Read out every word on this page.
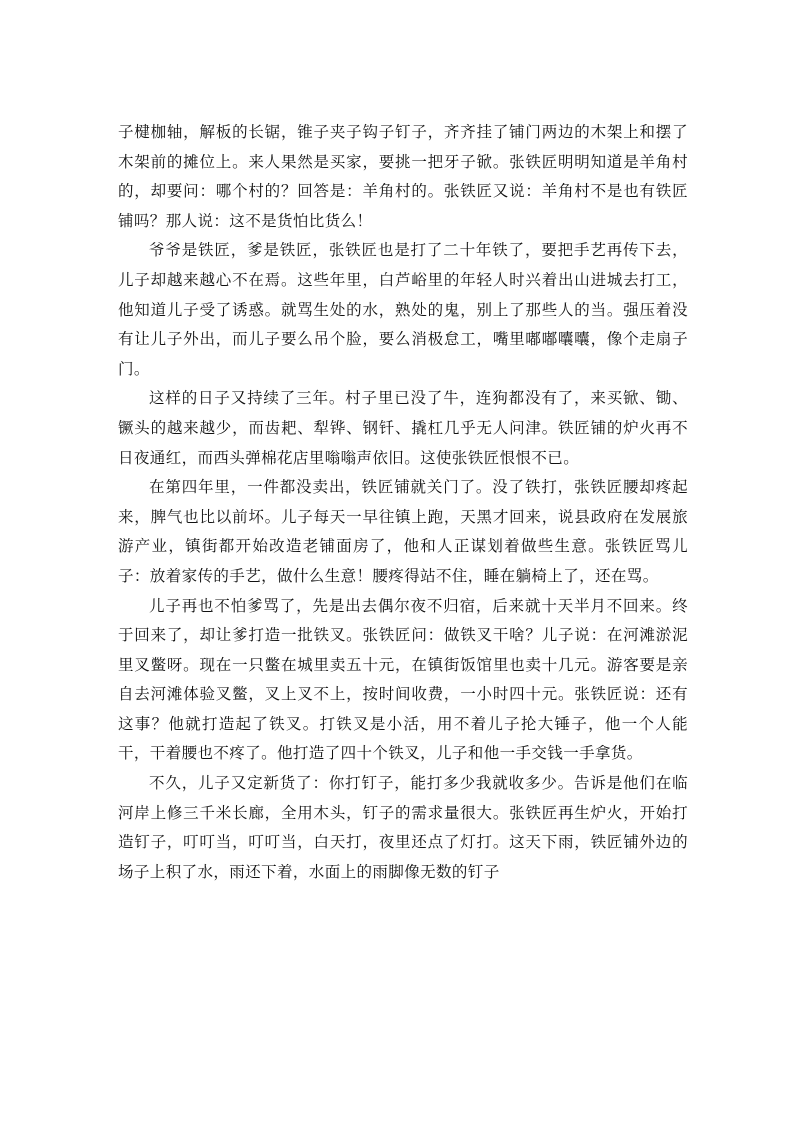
子楗枷轴，解板的长锯，锥子夹子钩子钉子，齐齐挂了铺门两边的木架上和摆了木架前的摊位上。来人果然是买家，要挑一把牙子锨。张铁匠明明知道是羊角村的，却要问：哪个村的？回答是：羊角村的。张铁匠又说：羊角村不是也有铁匠铺吗？那人说：这不是货怕比货么！

爷爷是铁匠，爹是铁匠，张铁匠也是打了二十年铁了，要把手艺再传下去，儿子却越来越心不在焉。这些年里，白芦峪里的年轻人时兴着出山进城去打工，他知道儿子受了诱惑。就骂生处的水，熟处的鬼，别上了那些人的当。强压着没有让儿子外出，而儿子要么吊个脸，要么消极怠工，嘴里嘟嘟囔囔，像个走扇子门。

这样的日子又持续了三年。村子里已没了牛，连狗都没有了，来买锨、锄、镢头的越来越少，而齿耙、犁铧、钢钎、撬杠几乎无人问津。铁匠铺的炉火再不日夜通红，而西头弹棉花店里嗡嗡声依旧。这使张铁匠恨恨不已。

在第四年里，一件都没卖出，铁匠铺就关门了。没了铁打，张铁匠腰却疼起来，脾气也比以前坏。儿子每天一早往镇上跑，天黑才回来，说县政府在发展旅游产业，镇街都开始改造老铺面房了，他和人正谋划着做些生意。张铁匠骂儿子：放着家传的手艺，做什么生意！腰疼得站不住，睡在躺椅上了，还在骂。

儿子再也不怕爹骂了，先是出去偶尔夜不归宿，后来就十天半月不回来。终于回来了，却让爹打造一批铁叉。张铁匠问：做铁叉干啥？儿子说：在河滩淤泥里叉鳖呀。现在一只鳖在城里卖五十元，在镇街饭馆里也卖十几元。游客要是亲自去河滩体验叉鳖，叉上叉不上，按时间收费，一小时四十元。张铁匠说：还有这事？他就打造起了铁叉。打铁叉是小活，用不着儿子抡大锤子，他一个人能干，干着腰也不疼了。他打造了四十个铁叉，儿子和他一手交钱一手拿货。

不久，儿子又定新货了：你打钉子，能打多少我就收多少。告诉是他们在临河岸上修三千米长廊，全用木头，钉子的需求量很大。张铁匠再生炉火，开始打造钉子，叮叮当，叮叮当，白天打，夜里还点了灯打。这天下雨，铁匠铺外边的场子上积了水，雨还下着，水面上的雨脚像无数的钉子
